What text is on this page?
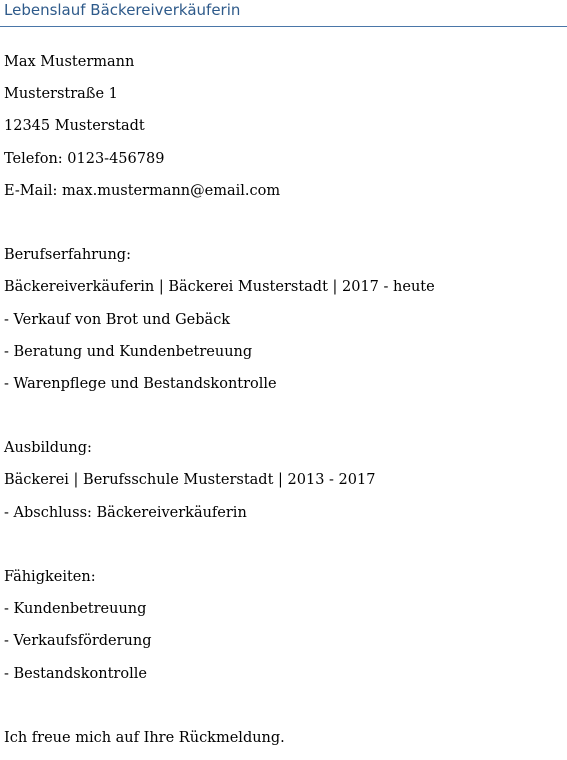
Lebenslauf Bäckereiverkäuferin
Max Mustermann
Musterstraße 1
12345 Musterstadt
Telefon: 0123-456789
E-Mail: max.mustermann@email.com
Berufserfahrung:
Bäckereiverkäuferin | Bäckerei Musterstadt | 2017 - heute
- Verkauf von Brot und Gebäck
- Beratung und Kundenbetreuung
- Warenpflege und Bestandskontrolle
Ausbildung:
Bäckerei | Berufsschule Musterstadt | 2013 - 2017
- Abschluss: Bäckereiverkäuferin
Fähigkeiten:
- Kundenbetreuung
- Verkaufsförderung
- Bestandskontrolle
Ich freue mich auf Ihre Rückmeldung.
